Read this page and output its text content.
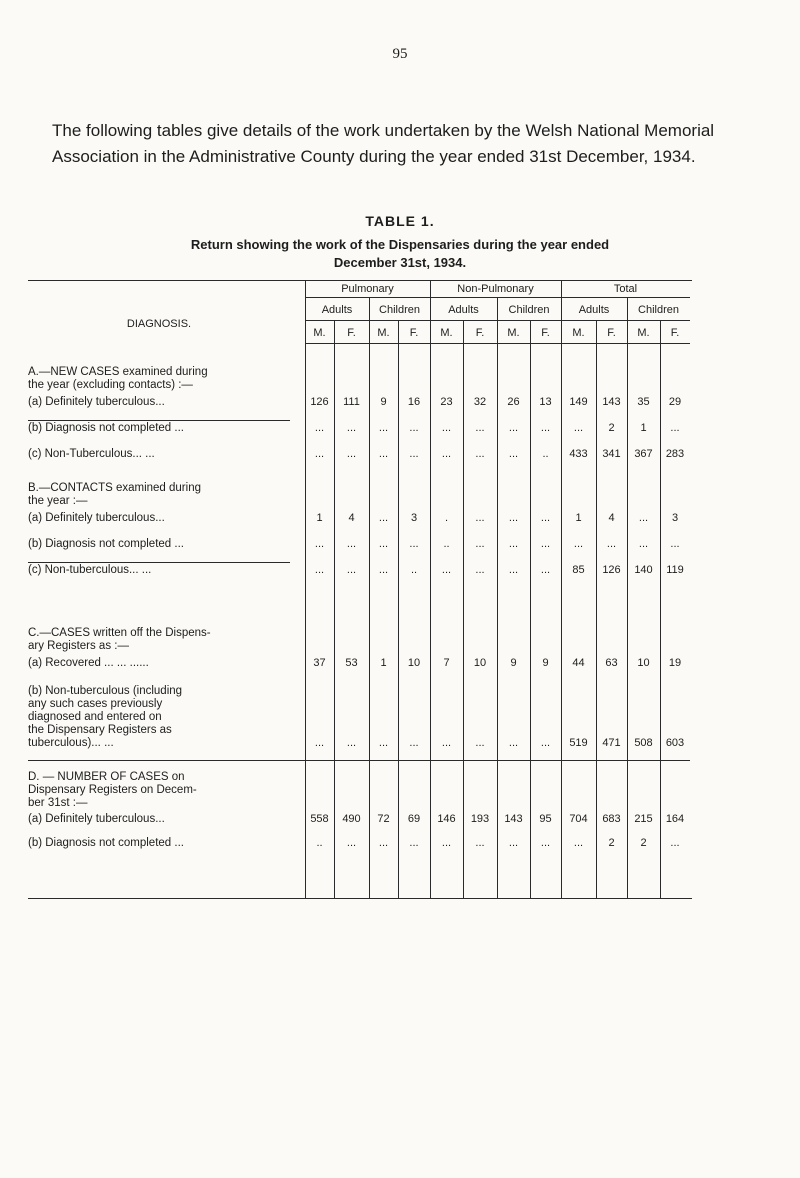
95
The following tables give details of the work undertaken by the Welsh National Memorial Association in the Administrative County during the year ended 31st December, 1934.
TABLE 1.
Return showing the work of the Dispensaries during the year ended
December 31st, 1934.
DIAGNOSIS.
Pulmonary	Non-Pulmonary	Total
Adults	Children	Adults	Children	Adults	Children
M.	F.	M.	F.	M.	F.	M.	F.	M.	F.	M.	F.
A.—NEW CASES examined during
the year (excluding contacts) :—
(a) Definitely tuberculous...	126	111	9	16	23	32	26	13	149	143	35	29
(b) Diagnosis not completed ...	...	...	...	...	...	...	...	...	...	2	1	...
(c) Non-Tuberculous... ...	...	...	...	...	...	...	...	..	433	341	367	283
B.—CONTACTS examined during
the year :—
(a) Definitely tuberculous...	1	4	...	3	.	...	...	...	1	4	...	3
(b) Diagnosis not completed ...	...	...	...	...	..	...	...	...	...	...	...	...
(c) Non-tuberculous... ...	...	...	...	..	...	...	...	...	85	126	140	119
C.—CASES written off the Dispens-
ary Registers as :—
(a) Recovered ... ... ......	37	53	1	10	7	10	9	9	44	63	10	19
(b) Non-tuberculous (including
any such cases previously
diagnosed and entered on
the Dispensary Registers as
tuberculous)... ...	...	...	...	...	...	...	...	...	519	471	508	603
D. — NUMBER OF CASES on
Dispensary Registers on Decem-
ber 31st :—
(a) Definitely tuberculous...	558	490	72	69	146	193	143	95	704	683	215	164
(b) Diagnosis not completed ...	..	...	...	...	...	...	...	...	...	2	2	...
